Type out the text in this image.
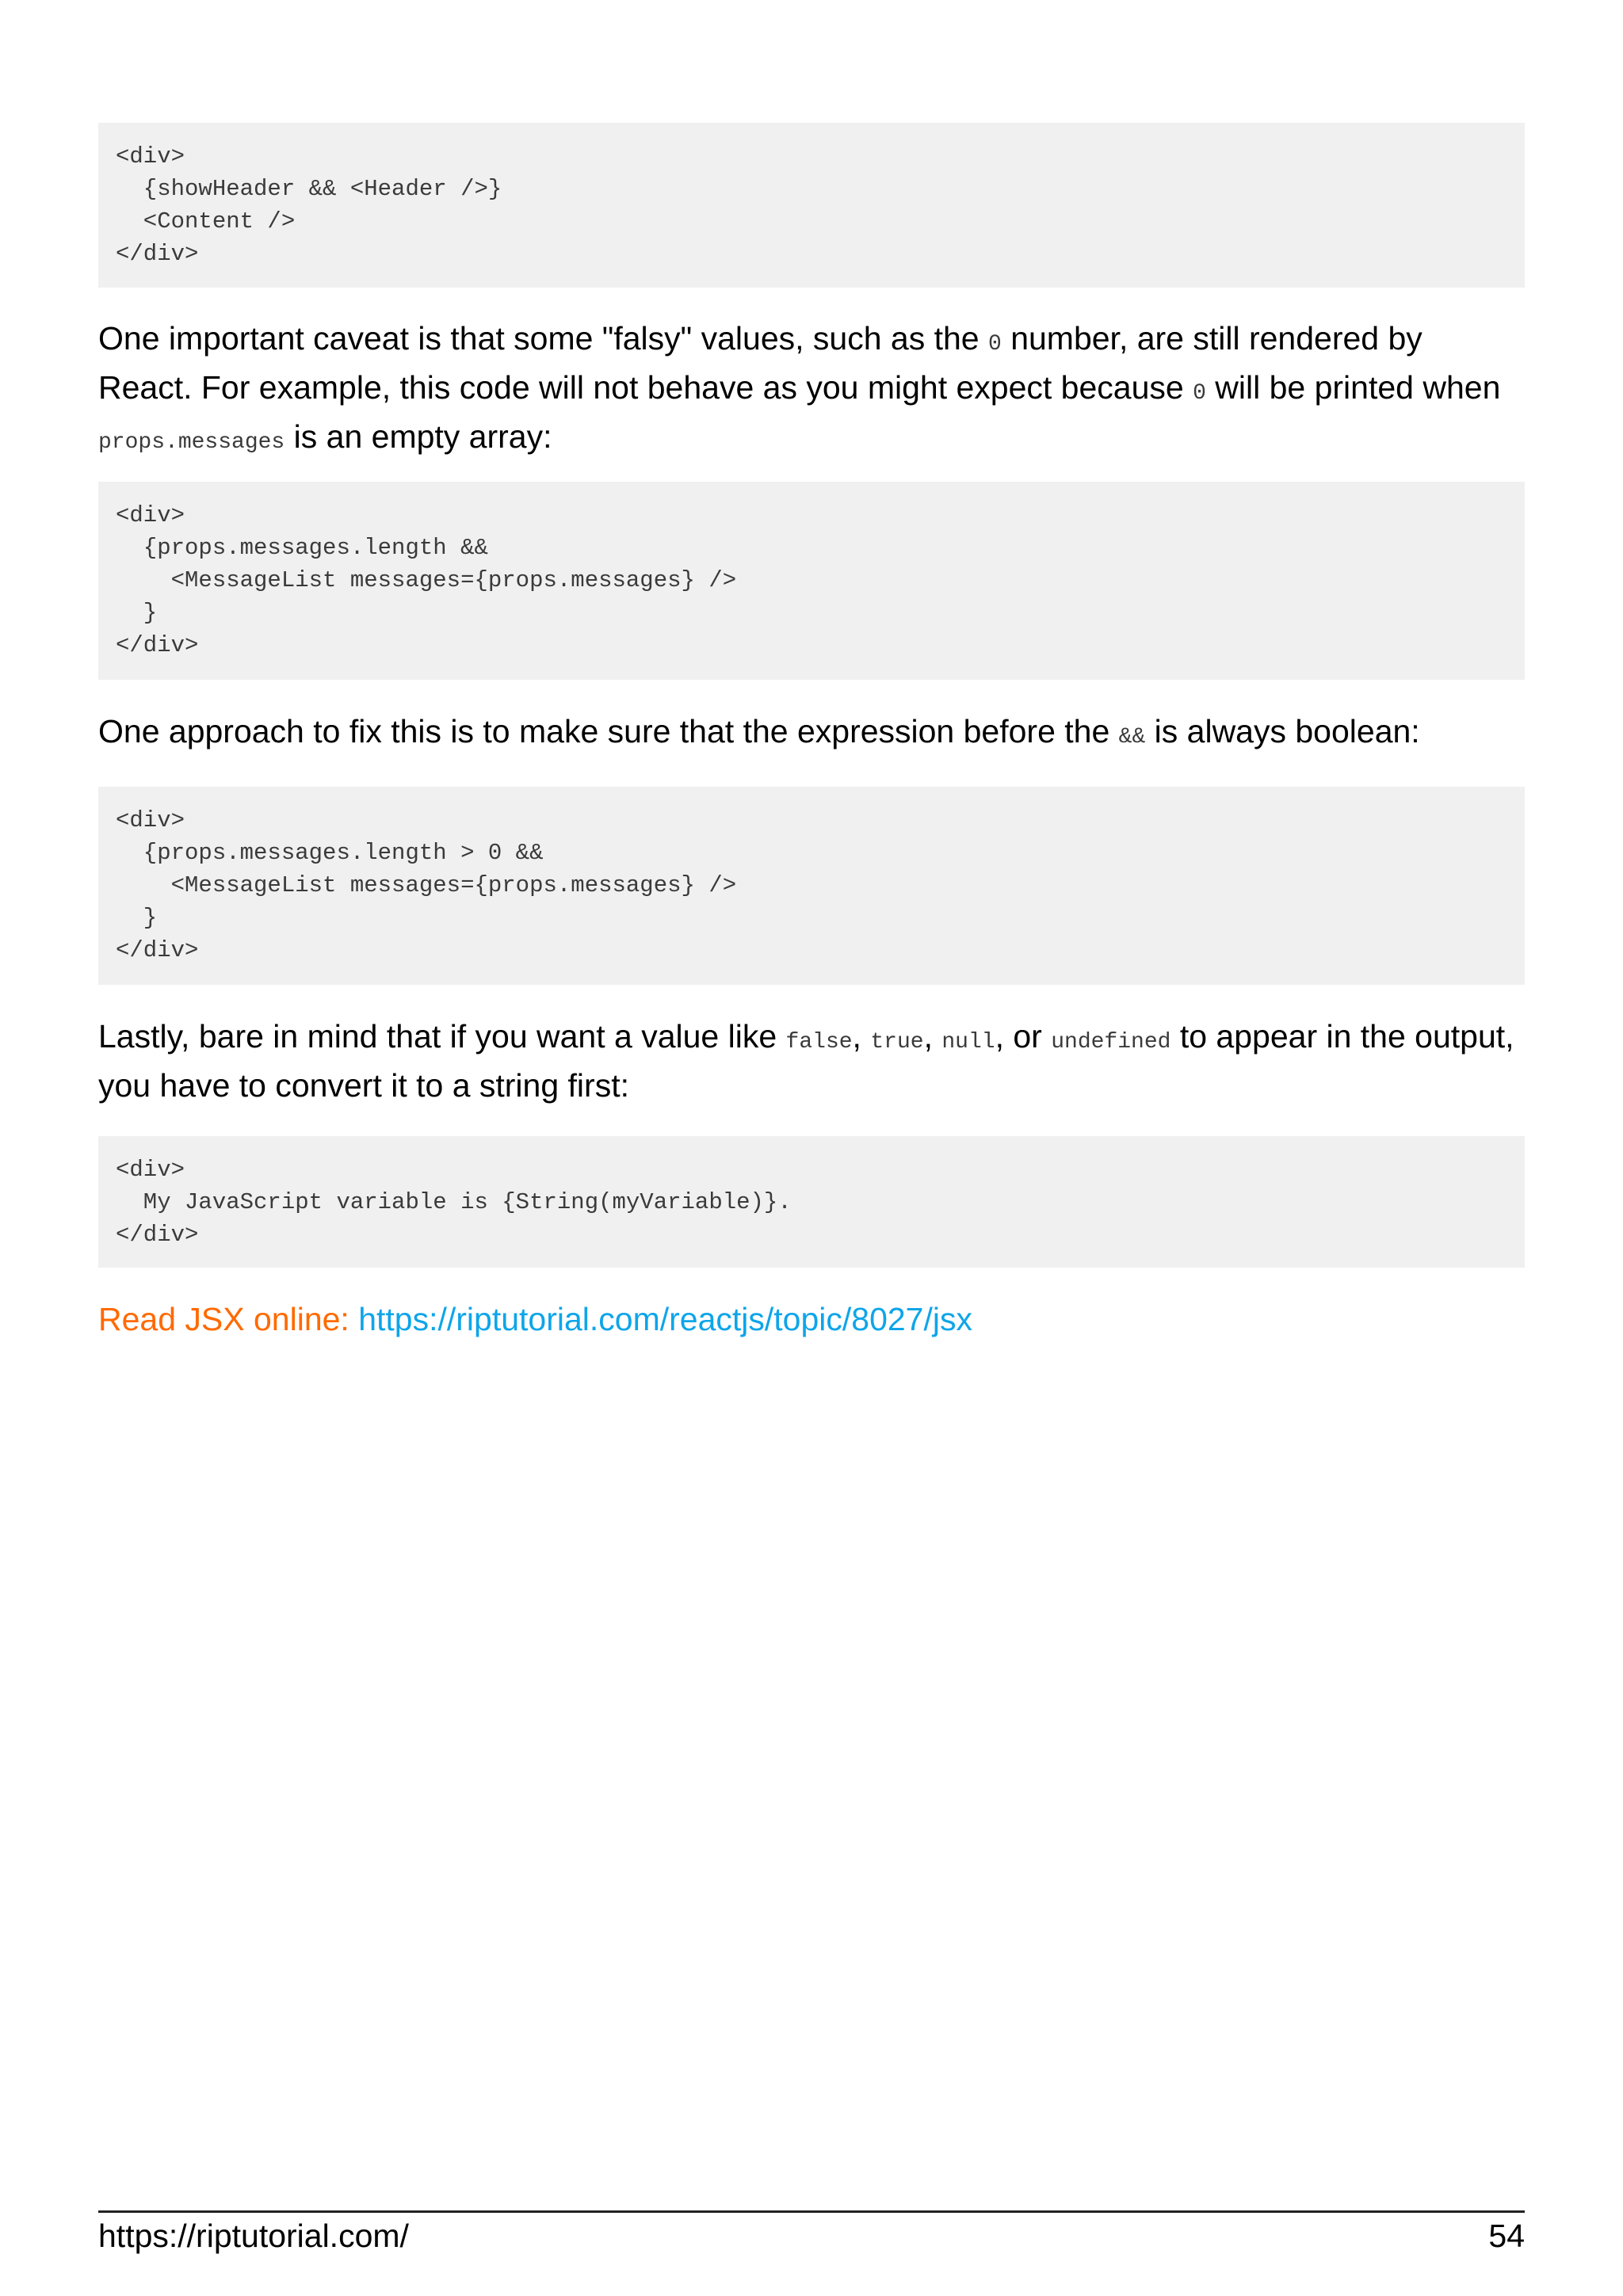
<div>
{showHeader && <Header />}
<Content />
</div>

One important caveat is that some "falsy" values, such as the 0 number, are still rendered by React. For example, this code will not behave as you might expect because 0 will be printed when props.messages is an empty array:

<div>
{props.messages.length &&
<MessageList messages={props.messages} />
}
</div>

One approach to fix this is to make sure that the expression before the && is always boolean:

<div>
{props.messages.length > 0 &&
<MessageList messages={props.messages} />
}
</div>

Lastly, bare in mind that if you want a value like false, true, null, or undefined to appear in the output, you have to convert it to a string first:

<div>
My JavaScript variable is {String(myVariable)}.
</div>

Read JSX online: https://riptutorial.com/reactjs/topic/8027/jsx

https://riptutorial.com/	54
